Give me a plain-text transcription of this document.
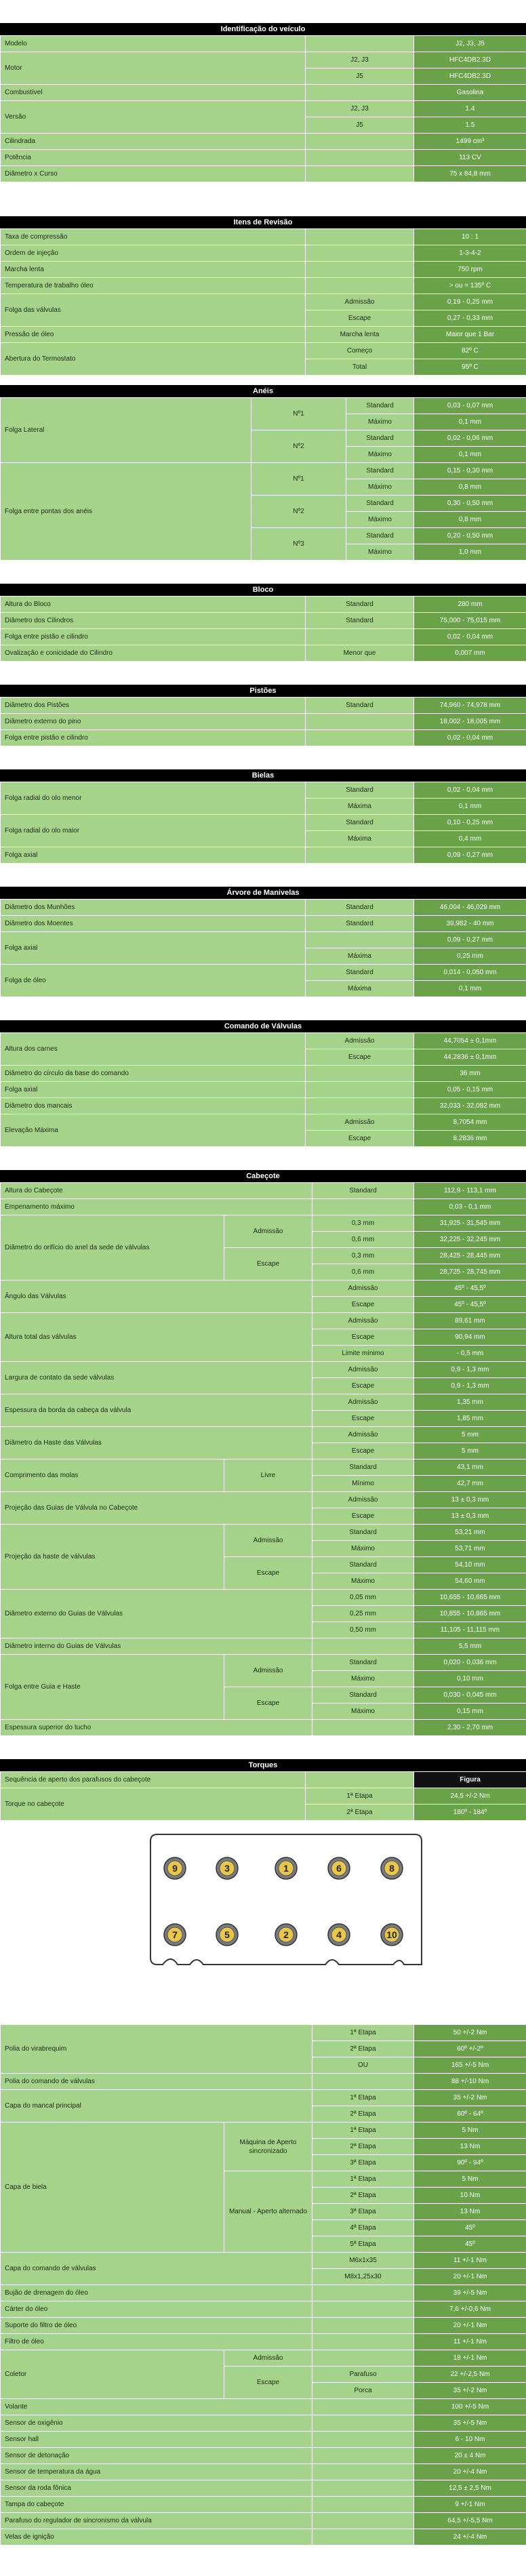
Identificação do veículo
Modelo		J2, J3, J5
Motor	J2, J3	HFC4DB2.3D
	J5	HFC4DB2.3D
Combustível		Gasolina
Versão	J2, J3	1.4
	J5	1.5
Cilindrada		1499 cm³
Potência		113 CV
Diâmetro x Curso		75 x 84,8 mm
Itens de Revisão
Taxa de compressão		10 : 1
Ordem de injeção		1-3-4-2
Marcha lenta		750 rpm
Temperatura de trabalho óleo		> ou = 135º C
Folga das válvulas	Admissão	0,19 - 0,25 mm
	Escape	0,27 - 0,33 mm
Pressão de óleo	Marcha lenta	Maior que 1 Bar
Abertura do Termostato	Começo	82º C
	Total	95º C
Anéis
Folga Lateral	Nº1	Standard	0,03 - 0,07 mm
		Máximo	0,1 mm
	Nº2	Standard	0,02 - 0,06 mm
		Máximo	0,1 mm
Folga entre pontas dos anéis	Nº1	Standard	0,15 - 0,30 mm
		Máximo	0,8 mm
	Nº2	Standard	0,30 - 0,50 mm
		Máximo	0,8 mm
	Nº3	Standard	0,20 - 0,50 mm
		Máximo	1,0 mm
Bloco
Altura do Bloco	Standard	280 mm
Diâmetro dos Cilindros	Standard	75,000 - 75,015 mm
Folga entre pistão e cilindro		0,02 - 0,04 mm
Ovalização e conicidade do Cilindro	Menor que	0,007 mm
Pistões
Diâmetro dos Pistões	Standard	74,960 - 74,978 mm
Diâmetro externo do pino		18,002 - 18,005 mm
Folga entre pistão e cilindro		0,02 - 0,04 mm
Bielas
Folga radial do olo menor	Standard	0,02 - 0,04 mm
	Máxima	0,1 mm
Folga radial do olo maior	Standard	0,10 - 0,25 mm
	Máxima	0,4 mm
Folga axial		0,09 - 0,27 mm
Árvore de Manivelas
Diâmetro dos Munhões	Standard	46,004 - 46,029 mm
Diâmetro dos Moentes	Standard	39,982 - 40 mm
Folga axial		0,09 - 0,27 mm
	Máxima	0,25 mm
Folga de óleo	Standard	0,014 - 0,050 mm
	Máxima	0,1 mm
Comando de Válvulas
Altura dos carnes	Admissão	44,7054 ± 0,1mm
	Escape	44,2836 ± 0,1mm
Diâmetro do círculo da base do comando		36 mm
Folga axial		0,05 - 0,15 mm
Diâmetro dos mancais		32,033 - 32,082 mm
Elevação Máxima	Admissão	8,7054 mm
	Escape	8,2836 mm
Cabeçote
Altura do Cabeçote		Standard	112,9 - 113,1 mm
Empenamento máximo			0,03 - 0,1 mm
Diâmetro do orifício do anel da sede de válvulas	Admissão	0,3 mm	31,925 - 31,545 mm
		0,6 mm	32,225 - 32,245 mm
	Escape	0,3 mm	28,425 - 28,445 mm
		0,6 mm	28,725 - 28,745 mm
Ângulo das Válvulas		Admissão	45º - 45,5º
		Escape	45º - 45,5º
Altura total das válvulas		Admissão	89,61 mm
		Escape	90,94 mm
		Limite mínimo	- 0,5 mm
Largura de contato da sede válvulas		Admissão	0,9 - 1,3 mm
		Escape	0,9 - 1,3 mm
Espessura da borda da cabeça da válvula		Admissão	1,35 mm
		Escape	1,85 mm
Diâmetro da Haste das Válvulas		Admissão	5 mm
		Escape	5 mm
Comprimento das molas	Livre	Standard	43,1 mm
		Mínimo	42,7 mm
Projeção das Guias de Válvula no Cabeçote		Admissão	13 ± 0,3 mm
		Escape	13 ± 0,3 mm
Projeção da haste de válvulas	Admissão	Standard	53,21 mm
		Máximo	53,71 mm
	Escape	Standard	54,10 mm
		Máximo	54,60 mm
Diâmetro externo do Guias de Válvulas		0,05 mm	10,655 - 10,665 mm
		0,25 mm	10,855 - 10,865 mm
		0,50 mm	11,105 - 11,115 mm
Diâmetro interno do Guias de Válvulas			5,5 mm
Folga entre Guia e Haste	Admissão	Standard	0,020 - 0,036 mm
		Máximo	0,10 mm
	Escape	Standard	0,030 - 0,045 mm
		Máximo	0,15 mm
Espessura superior do tucho			2,30 - 2,70 mm
Torques
Sequência de aperto dos parafusos do cabeçote		Figura
Torque no cabeçote	1ª Etapa	24,5 +/-2 Nm
	2ª Etapa	180º - 184º
9	3	1	6	8
7	5	2	4	10
Polia do virabrequim		1ª Etapa	50 +/-2 Nm
		2ª Etapa	60º +/-2º
		OU	165 +/-5 Nm
Polia do comando de válvulas			88 +/-10 Nm
Capa do mancal principal		1ª Etapa	35 +/-2 Nm
		2ª Etapa	60º - 64º
Capa de biela	Máquina de Aperto sincronizado	1ª Etapa	5 Nm
		2ª Etapa	13 Nm
		3ª Etapa	90º - 94º
	Manual - Aperto alternado	1ª Etapa	5 Nm
		2ª Etapa	10 Nm
		3ª Etapa	13 Nm
		4ª Etapa	45º
		5ª Etapa	45º
Capa do comando de válvulas		M6x1x35	11 +/-1 Nm
		M8x1,25x30	20 +/-1 Nm
Bujão de drenagem do óleo			39 +/-5 Nm
Cárter do óleo			7,6 +/-0,6 Nm
Suporte do filtro de óleo			20 +/-1 Nm
Filtro de óleo			11 +/-1 Nm
Coletor	Admissão		18 +/-1 Nm
	Escape	Parafuso	22 +/-2,5 Nm
		Porca	35 +/-2 Nm
Volante			100 +/-5 Nm
Sensor de oxigênio			35 +/-5 Nm
Sensor hall			6 - 10 Nm
Sensor de detonação			20 ± 4 Nm
Sensor de temperatura da água			20 +/-4 Nm
Sensor da roda fônica			12,5 ± 2,5 Nm
Tampa do cabeçote			9 +/-1 Nm
Parafuso do regulador de sincronismo da válvula			64,5 +/-5,5 Nm
Velas de ignição			24 +/-4 Nm
